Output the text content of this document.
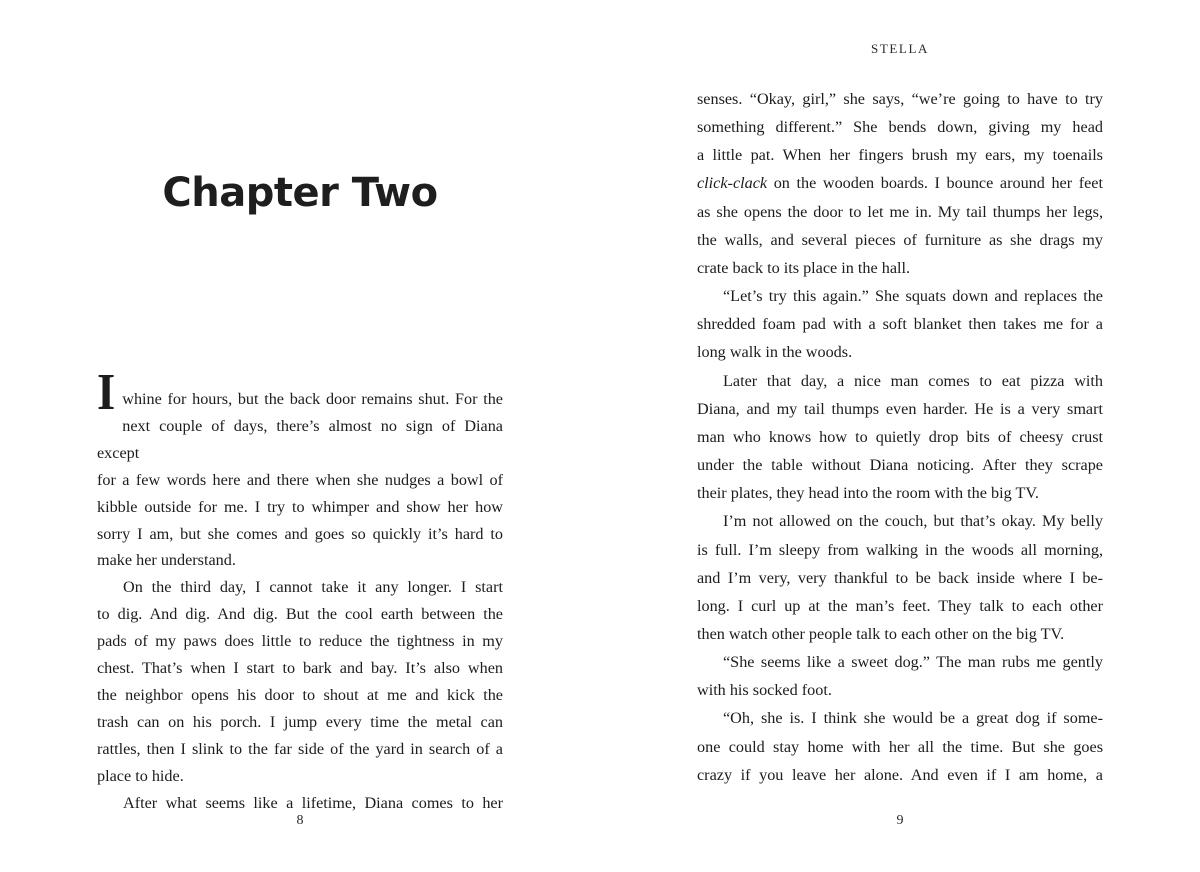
Chapter Two
I whine for hours, but the back door remains shut. For the
next couple of days, there’s almost no sign of Diana except
for a few words here and there when she nudges a bowl of
kibble outside for me. I try to whimper and show her how
sorry I am, but she comes and goes so quickly it’s hard to
make her understand.
On the third day, I cannot take it any longer. I start
to dig. And dig. And dig. But the cool earth between the
pads of my paws does little to reduce the tightness in my
chest. That’s when I start to bark and bay. It’s also when
the neighbor opens his door to shout at me and kick the
trash can on his porch. I jump every time the metal can
rattles, then I slink to the far side of the yard in search of a
place to hide.
After what seems like a lifetime, Diana comes to her
8
STELLA
senses. “Okay, girl,” she says, “we’re going to have to try
something different.” She bends down, giving my head
a little pat. When her fingers brush my ears, my toenails
click-clack on the wooden boards. I bounce around her feet
as she opens the door to let me in. My tail thumps her legs,
the walls, and several pieces of furniture as she drags my
crate back to its place in the hall.
“Let’s try this again.” She squats down and replaces the
shredded foam pad with a soft blanket then takes me for a
long walk in the woods.
Later that day, a nice man comes to eat pizza with
Diana, and my tail thumps even harder. He is a very smart
man who knows how to quietly drop bits of cheesy crust
under the table without Diana noticing. After they scrape
their plates, they head into the room with the big TV.
I’m not allowed on the couch, but that’s okay. My belly
is full. I’m sleepy from walking in the woods all morning,
and I’m very, very thankful to be back inside where I be-
long. I curl up at the man’s feet. They talk to each other
then watch other people talk to each other on the big TV.
“She seems like a sweet dog.” The man rubs me gently
with his socked foot.
“Oh, she is. I think she would be a great dog if some-
one could stay home with her all the time. But she goes
crazy if you leave her alone. And even if I am home, a
9
